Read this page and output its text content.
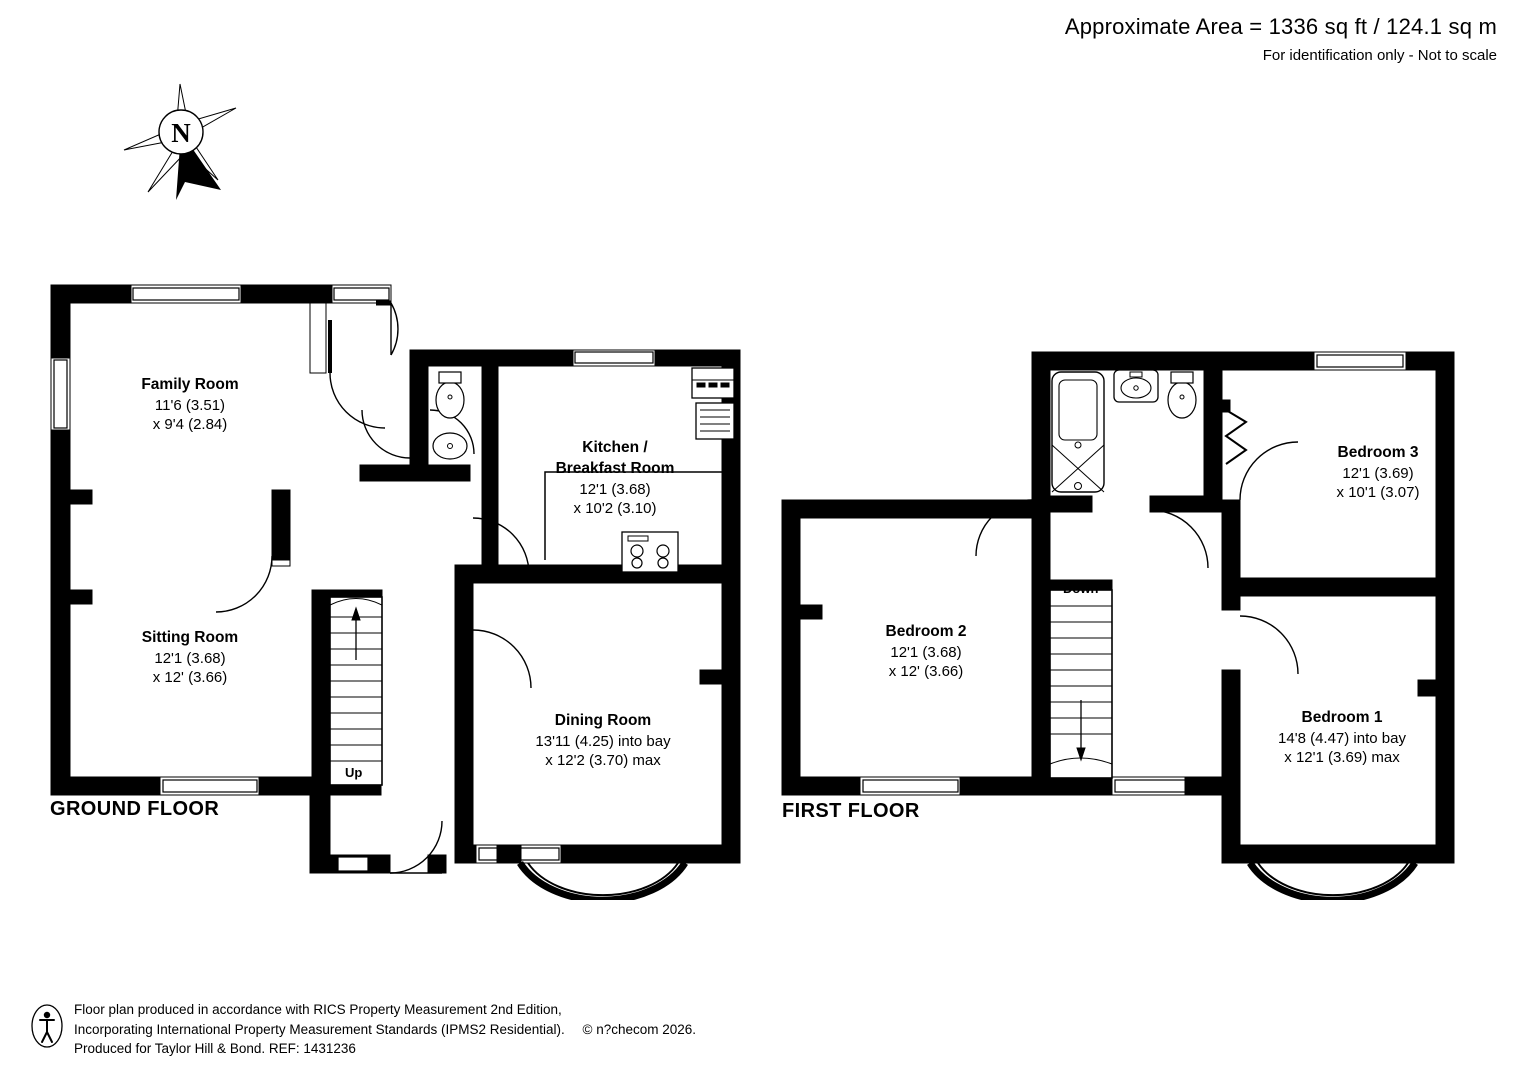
Approximate Area = 1336 sq ft / 124.1 sq m
For identification only - Not to scale
N
Family Room
11'6 (3.51)
x 9'4 (2.84)
Sitting Room
12'1 (3.68)
x 12' (3.66)
Kitchen /
Breakfast Room
12'1 (3.68)
x 10'2 (3.10)
Dining Room
13'11 (4.25) into bay
x 12'2 (3.70) max
Up
GROUND FLOOR
Bedroom 3
12'1 (3.69)
x 10'1 (3.07)
Bedroom 2
12'1 (3.68)
x 12' (3.66)
Bedroom 1
14'8 (4.47) into bay
x 12'1 (3.69) max
Down
FIRST FLOOR
Floor plan produced in accordance with RICS Property Measurement 2nd Edition,
Incorporating International Property Measurement Standards (IPMS2 Residential). © n?checom 2026.
Produced for Taylor Hill & Bond. REF: 1431236
